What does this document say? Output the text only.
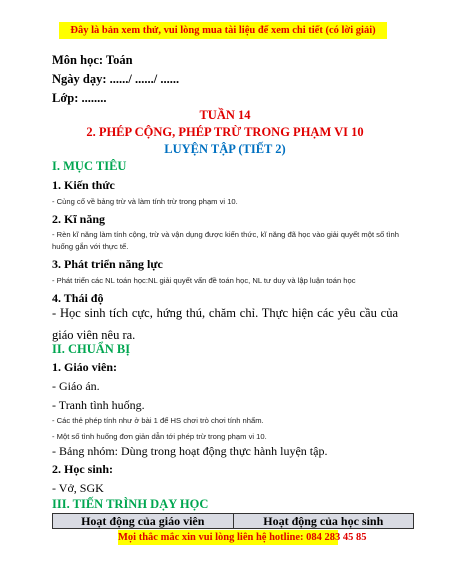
Đây là bản xem thử, vui lòng mua tài liệu để xem chi tiết (có lời giải)
Môn học: Toán
Ngày dạy: ....../ ....../ ......
Lớp: ........
TUẦN 14
2. PHÉP CỘNG, PHÉP TRỪ TRONG PHẠM VI 10
LUYỆN TẬP (TIẾT 2)
I. MỤC TIÊU
1. Kiến thức
- Củng cố về bảng trừ và làm tính trừ trong phạm vi 10.
2. Kĩ năng
- Rèn kĩ năng làm tính cộng, trừ và vận dụng được kiến thức, kĩ năng đã học vào giải quyết một số tình
huống gắn với thực tế.
3. Phát triển năng lực
- Phát triển các NL toán học:NL giải quyết vấn đề toán học, NL tư duy và lập luận toán học
4. Thái độ
- Học sinh tích cực, hứng thú, chăm chỉ. Thực hiện các yêu cầu của giáo viên nêu ra.
II. CHUẨN BỊ
1. Giáo viên:
- Giáo án.
- Tranh tình huống.
- Các thẻ phép tính như ở bài 1 để HS chơi trò chơi tính nhẩm.
- Một số tình huống đơn giản dẫn tới phép trừ trong phạm vi 10.
- Bảng nhóm: Dùng trong hoạt động thực hành luyện tập.
2. Học sinh:
- Vở, SGK
III. TIẾN TRÌNH DẠY HỌC
Hoạt động của giáo viên	Hoạt động của học sinh
Mọi thắc mắc xin vui lòng liên hệ hotline: 084 283 45 85
